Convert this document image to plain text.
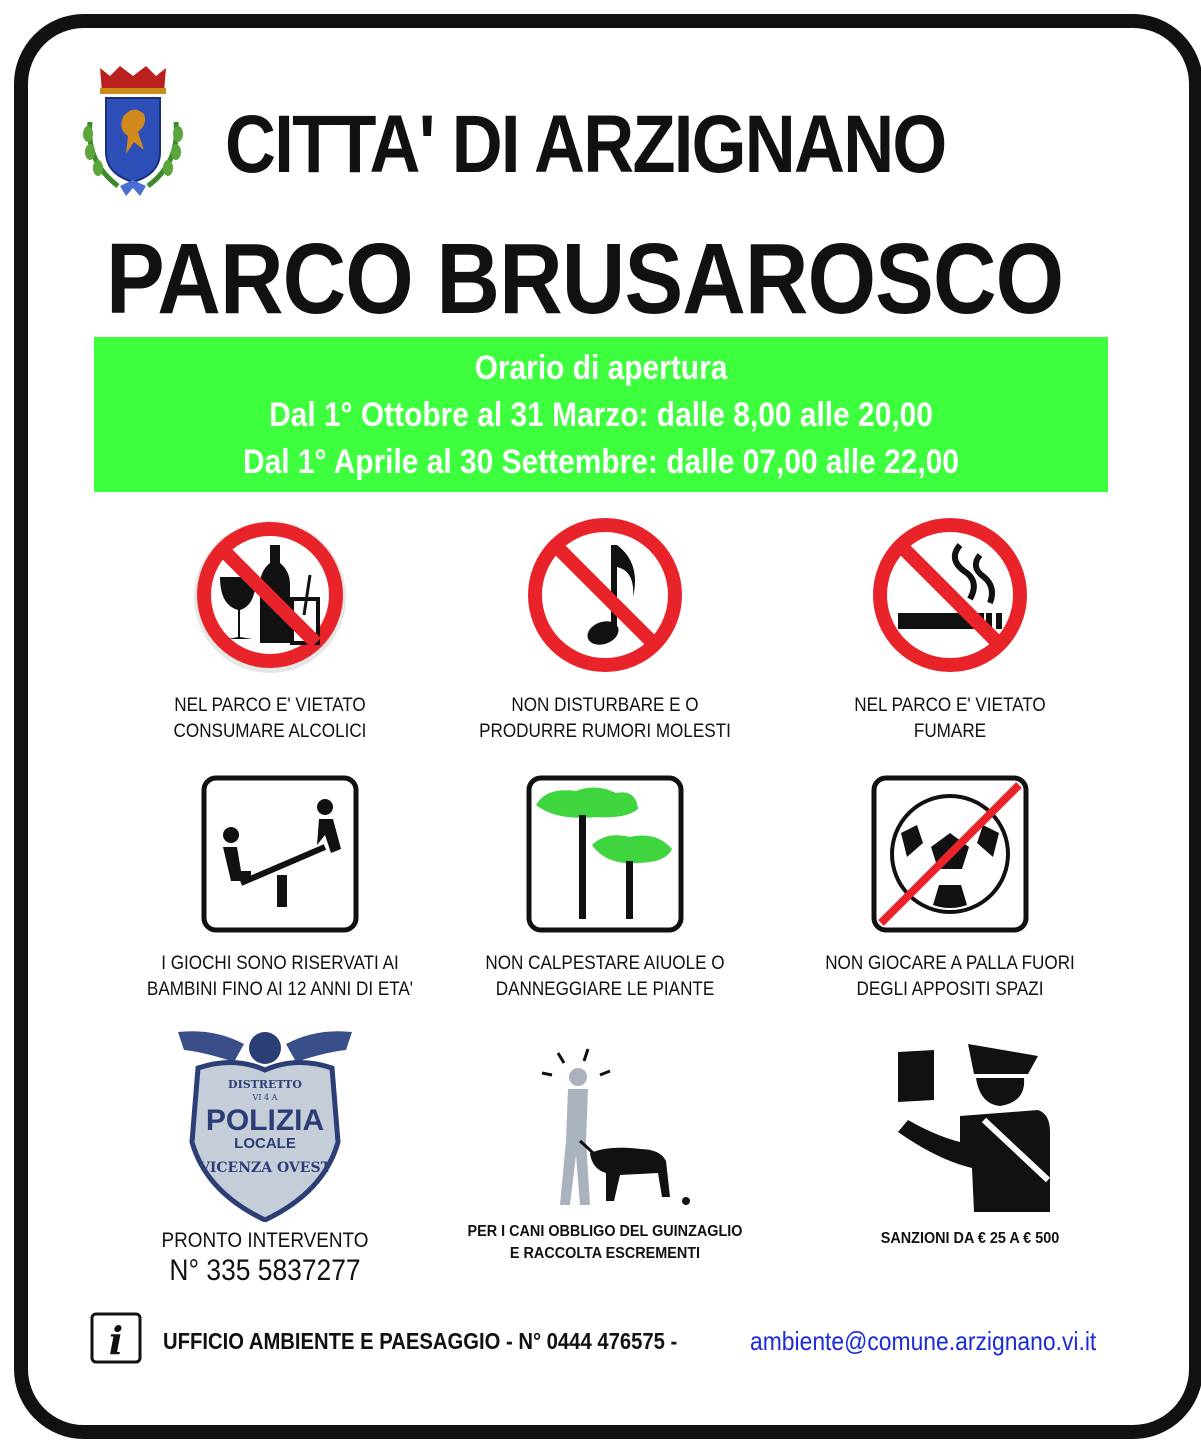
CITTA' DI ARZIGNANO
PARCO BRUSAROSCO
Orario di apertura
Dal 1° Ottobre al 31 Marzo: dalle 8,00 alle 20,00
Dal 1° Aprile al 30 Settembre: dalle 07,00 alle 22,00
NEL PARCO E' VIETATO
CONSUMARE ALCOLICI
NON DISTURBARE E O
PRODURRE RUMORI MOLESTI
NEL PARCO E' VIETATO
FUMARE
I GIOCHI SONO RISERVATI AI
BAMBINI FINO AI 12 ANNI DI ETA'
NON CALPESTARE AIUOLE O
DANNEGGIARE LE PIANTE
NON GIOCARE A PALLA FUORI
DEGLI APPOSITI SPAZI
DISTRETTO
VI 4 A
POLIZIA
LOCALE
VICENZA OVEST
PRONTO INTERVENTO
N° 335 5837277
PER I CANI OBBLIGO DEL GUINZAGLIO
E RACCOLTA ESCREMENTI
SANZIONI DA € 25 A € 500
i UFFICIO AMBIENTE E PAESAGGIO - N° 0444 476575 -	ambiente@comune.arzignano.vi.it
